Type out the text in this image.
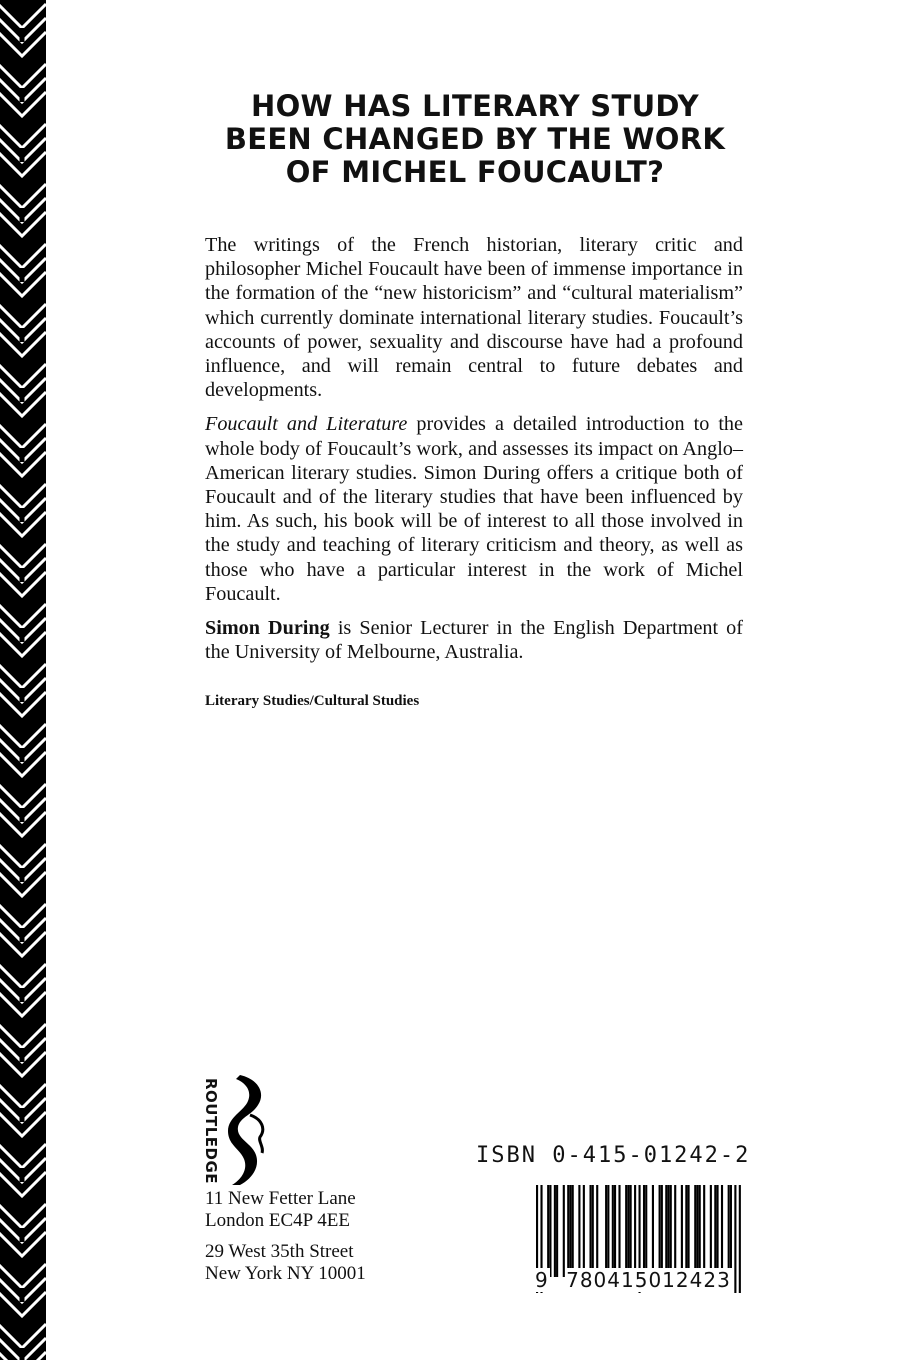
HOW HAS LITERARY STUDY
BEEN CHANGED BY THE WORK
OF MICHEL FOUCAULT?

The writings of the French historian, literary critic and philosopher Michel Foucault have been of immense importance in the formation of the “new historicism” and “cultural materialism” which currently dominate international literary studies. Foucault’s accounts of power, sexuality and discourse have had a profound influence, and will remain central to future debates and developments.

Foucault and Literature provides a detailed introduction to the whole body of Foucault’s work, and assesses its impact on Anglo–American literary studies. Simon During offers a critique both of Foucault and of the literary studies that have been influenced by him. As such, his book will be of interest to all those involved in the study and teaching of literary criticism and theory, as well as those who have a particular interest in the work of Michel Foucault.

Simon During is Senior Lecturer in the English Department of the University of Melbourne, Australia.

Literary Studies/Cultural Studies
ROUTLEDGE
11 New Fetter Lane
London EC4P 4EE
29 West 35th Street
New York NY 10001
ISBN 0-415-01242-2
9 780415012423
